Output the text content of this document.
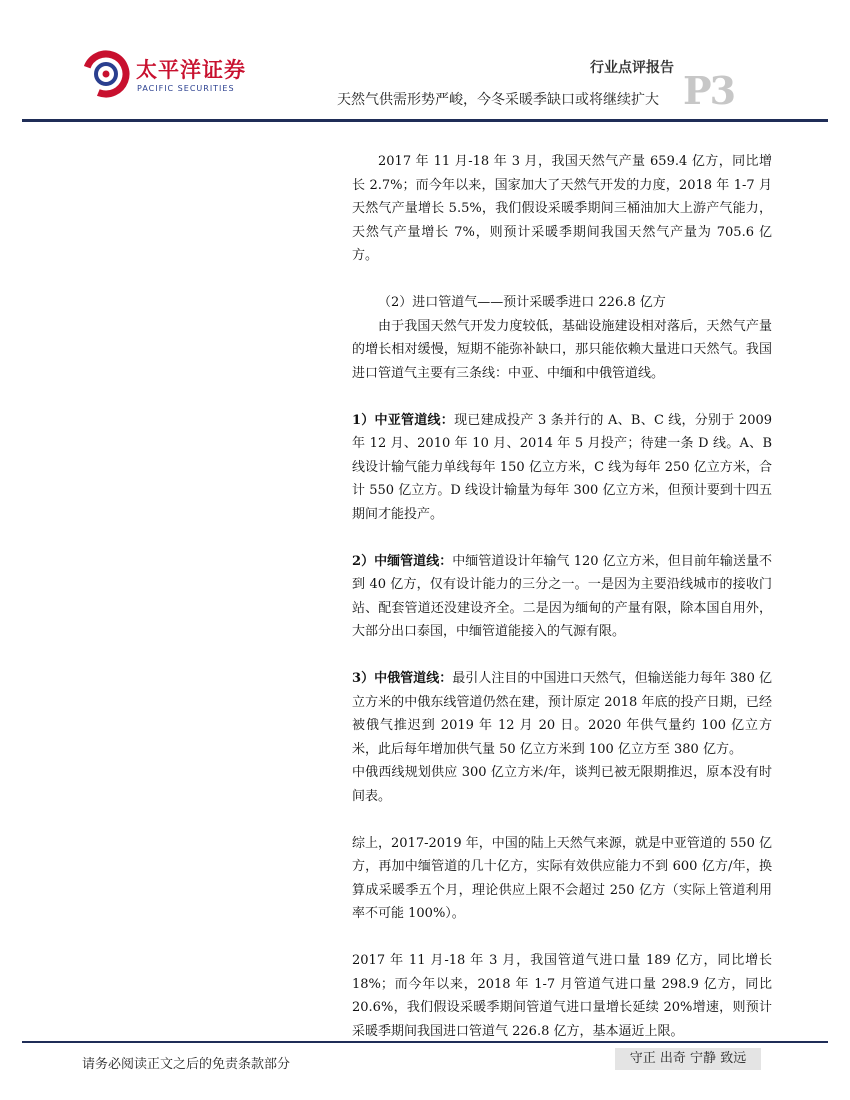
太平洋证券
PACIFIC SECURITIES
行业点评报告
天然气供需形势严峻，今冬采暖季缺口或将继续扩大 P3

2017 年 11 月-18 年 3 月，我国天然气产量 659.4 亿方，同比增长 2.7%；而今年以来，国家加大了天然气开发的力度，2018 年 1-7 月天然气产量增长 5.5%，我们假设采暖季期间三桶油加大上游产气能力，天然气产量增长 7%，则预计采暖季期间我国天然气产量为 705.6 亿方。

（2）进口管道气——预计采暖季进口 226.8 亿方

由于我国天然气开发力度较低，基础设施建设相对落后，天然气产量的增长相对缓慢，短期不能弥补缺口，那只能依赖大量进口天然气。我国进口管道气主要有三条线：中亚、中缅和中俄管道线。

1）中亚管道线：现已建成投产 3 条并行的 A、B、C 线，分别于 2009 年 12 月、2010 年 10 月、2014 年 5 月投产；待建一条 D 线。A、B 线设计输气能力单线每年 150 亿立方米，C 线为每年 250 亿立方米，合计 550 亿立方。D 线设计输量为每年 300 亿立方米，但预计要到十四五期间才能投产。

2）中缅管道线：中缅管道设计年输气 120 亿立方米，但目前年输送量不到 40 亿方，仅有设计能力的三分之一。一是因为主要沿线城市的接收门站、配套管道还没建设齐全。二是因为缅甸的产量有限，除本国自用外，大部分出口泰国，中缅管道能接入的气源有限。

3）中俄管道线：最引人注目的中国进口天然气，但输送能力每年 380 亿立方米的中俄东线管道仍然在建，预计原定 2018 年底的投产日期，已经被俄气推迟到 2019 年 12 月 20 日。2020 年供气量约 100 亿立方米，此后每年增加供气量 50 亿立方米到 100 亿立方至 380 亿方。

中俄西线规划供应 300 亿立方米/年，谈判已被无限期推迟，原本没有时间表。

综上，2017-2019 年，中国的陆上天然气来源，就是中亚管道的 550 亿方，再加中缅管道的几十亿方，实际有效供应能力不到 600 亿方/年，换算成采暖季五个月，理论供应上限不会超过 250 亿方（实际上管道利用率不可能 100%）。

2017 年 11 月-18 年 3 月，我国管道气进口量 189 亿方，同比增长 18%；而今年以来，2018 年 1-7 月管道气进口量 298.9 亿方，同比 20.6%，我们假设采暖季期间管道气进口量增长延续 20%增速，则预计采暖季期间我国进口管道气 226.8 亿方，基本逼近上限。

请务必阅读正文之后的免责条款部分	守正 出奇 宁静 致远
